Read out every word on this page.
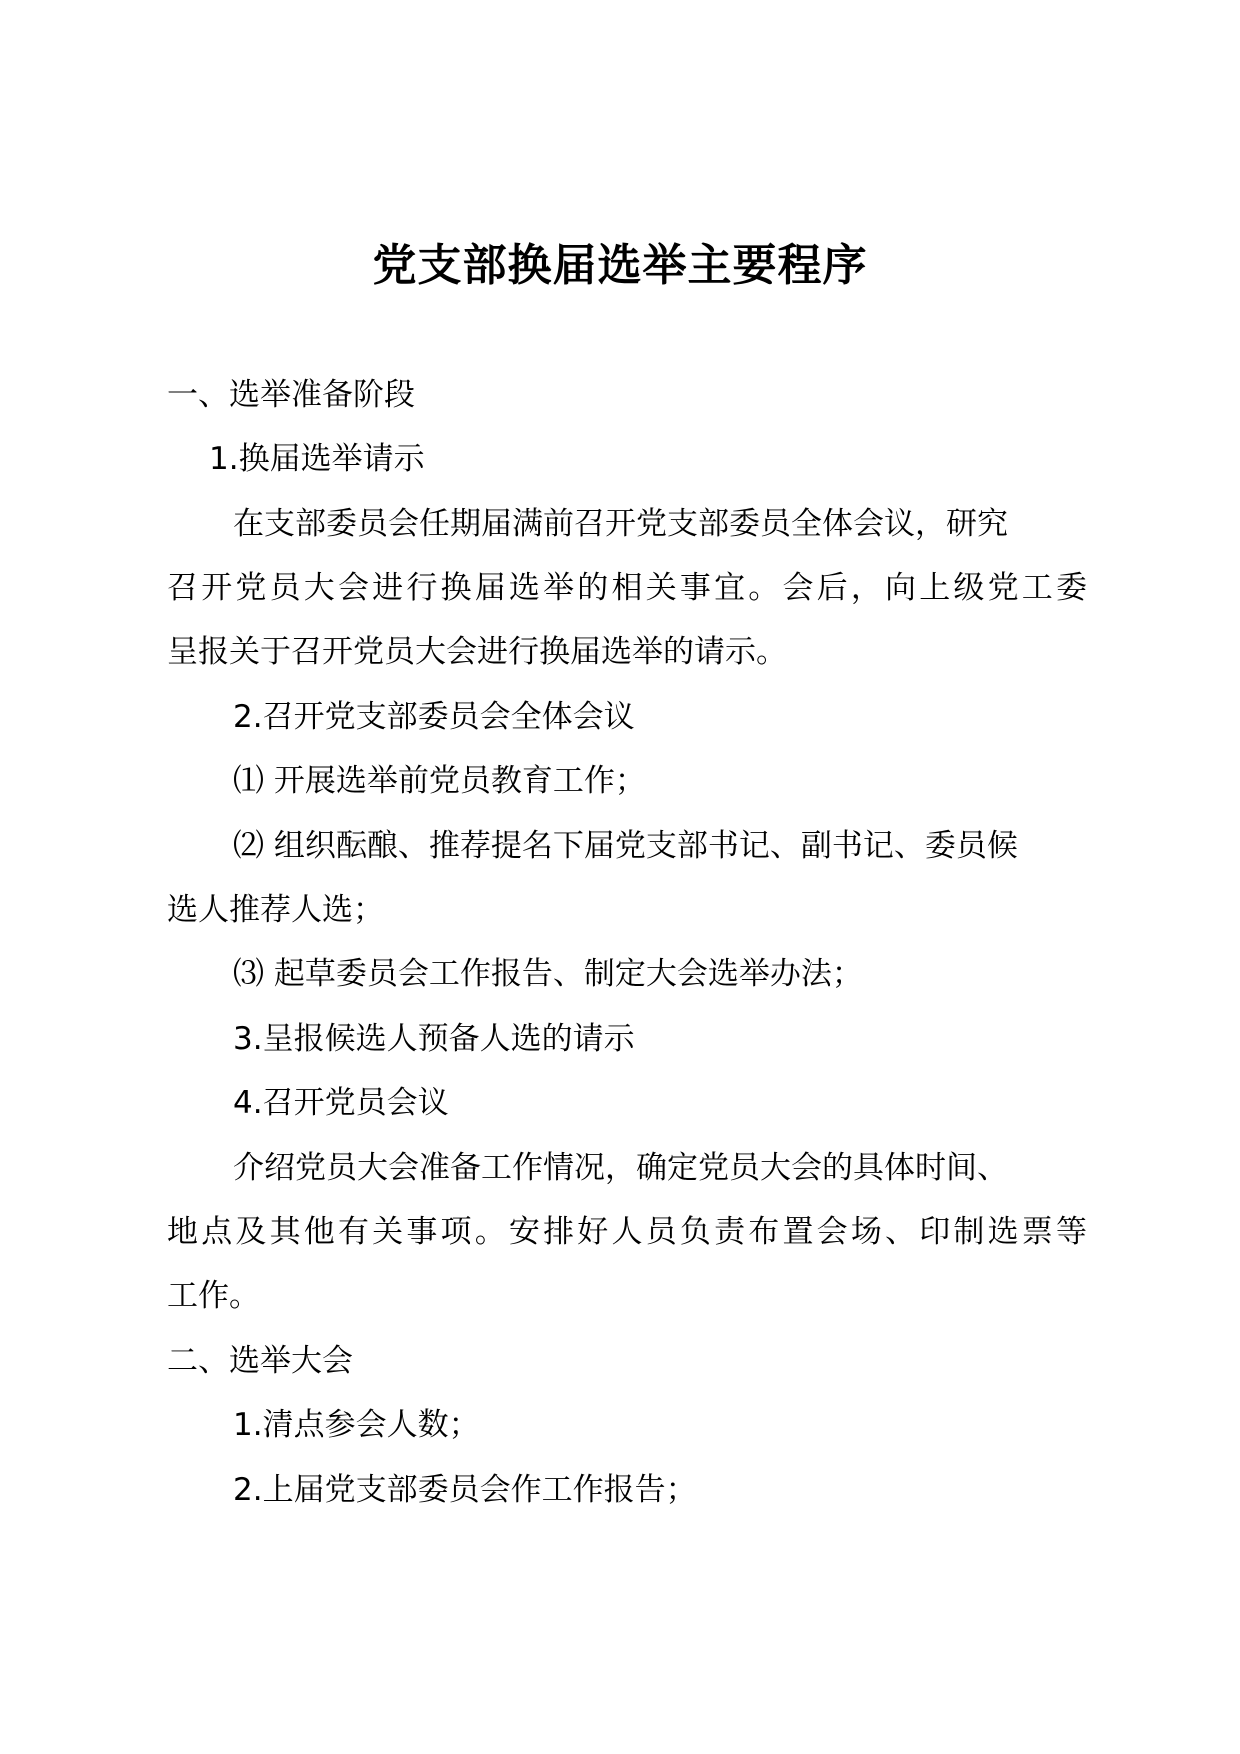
党支部换届选举主要程序
一、选举准备阶段
1.换届选举请示
在支部委员会任期届满前召开党支部委员全体会议，研究
召开党员大会进行换届选举的相关事宜。会后，向上级党工委
呈报关于召开党员大会进行换届选举的请示。
2.召开党支部委员会全体会议
⑴ 开展选举前党员教育工作；
⑵ 组织酝酿、推荐提名下届党支部书记、副书记、委员候
选人推荐人选；
⑶ 起草委员会工作报告、制定大会选举办法；
3.呈报候选人预备人选的请示
4.召开党员会议
介绍党员大会准备工作情况，确定党员大会的具体时间、
地点及其他有关事项。安排好人员负责布置会场、印制选票等
工作。
二、选举大会
1.清点参会人数；
2.上届党支部委员会作工作报告；
